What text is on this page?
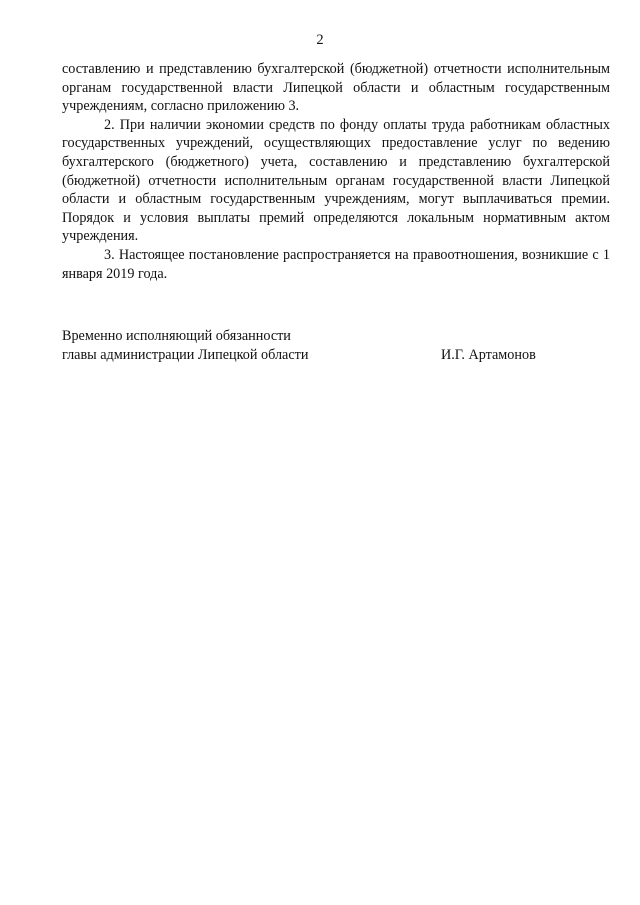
2

составлению и представлению бухгалтерской (бюджетной) отчетности исполнительным органам государственной власти Липецкой области и областным государственным учреждениям, согласно приложению 3.

2. При наличии экономии средств по фонду оплаты труда работникам областных государственных учреждений, осуществляющих предоставление услуг по ведению бухгалтерского (бюджетного) учета, составлению и представлению бухгалтерской (бюджетной) отчетности исполнительным органам государственной власти Липецкой области и областным государственным учреждениям, могут выплачиваться премии. Порядок и условия выплаты премий определяются локальным нормативным актом учреждения.

3. Настоящее постановление распространяется на правоотношения, возникшие с 1 января 2019 года.

Временно исполняющий обязанности
главы администрации Липецкой области	И.Г. Артамонов
